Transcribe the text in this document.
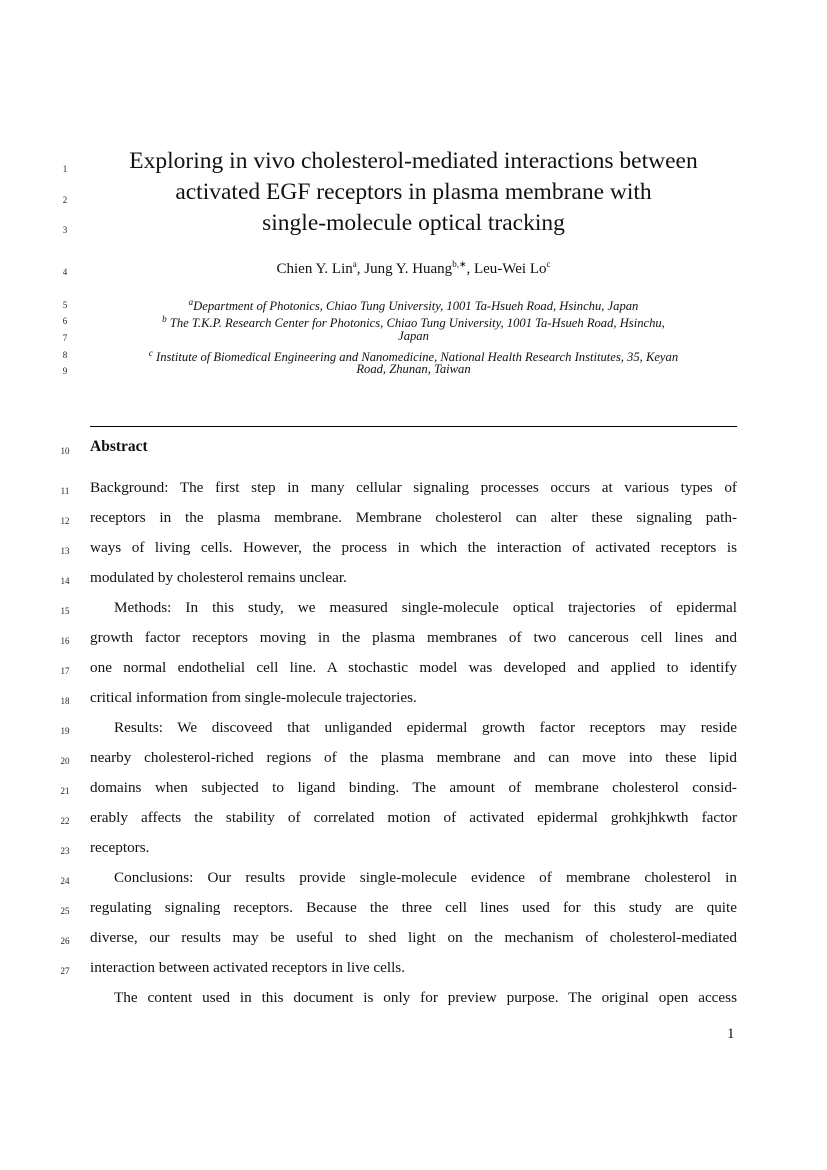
1
2
3
4
5
6
7
8
9
10
11
12
13
14
15
16
17
18
19
20
21
22
23
24
25
26
27
Exploring in vivo cholesterol-mediated interactions between
activated EGF receptors in plasma membrane with
single-molecule optical tracking
Chien Y. Lin$^a$, Jung Y. Huang$^{b,∗}$, Leu-Wei Lo$^c$
$^a$Department of Photonics, Chiao Tung University, 1001 Ta-Hsueh Road, Hsinchu, Japan
$^b$ The T.K.P. Research Center for Photonics, Chiao Tung University, 1001 Ta-Hsueh Road, Hsinchu,
Japan
$^c$ Institute of Biomedical Engineering and Nanomedicine, National Health Research Institutes, 35, Keyan
Road, Zhunan, Taiwan
Abstract
Background: The first step in many cellular signaling processes occurs at various types of
receptors in the plasma membrane. Membrane cholesterol can alter these signaling path-
ways of living cells. However, the process in which the interaction of activated receptors is
modulated by cholesterol remains unclear.
Methods: In this study, we measured single-molecule optical trajectories of epidermal
growth factor receptors moving in the plasma membranes of two cancerous cell lines and
one normal endothelial cell line. A stochastic model was developed and applied to identify
critical information from single-molecule trajectories.
Results: We discoveed that unliganded epidermal growth factor receptors may reside
nearby cholesterol-riched regions of the plasma membrane and can move into these lipid
domains when subjected to ligand binding. The amount of membrane cholesterol consid-
erably affects the stability of correlated motion of activated epidermal grohkjhkwth factor
receptors.
Conclusions: Our results provide single-molecule evidence of membrane cholesterol in
regulating signaling receptors. Because the three cell lines used for this study are quite
diverse, our results may be useful to shed light on the mechanism of cholesterol-mediated
interaction between activated receptors in live cells.
The content used in this document is only for preview purpose. The original open access
1
